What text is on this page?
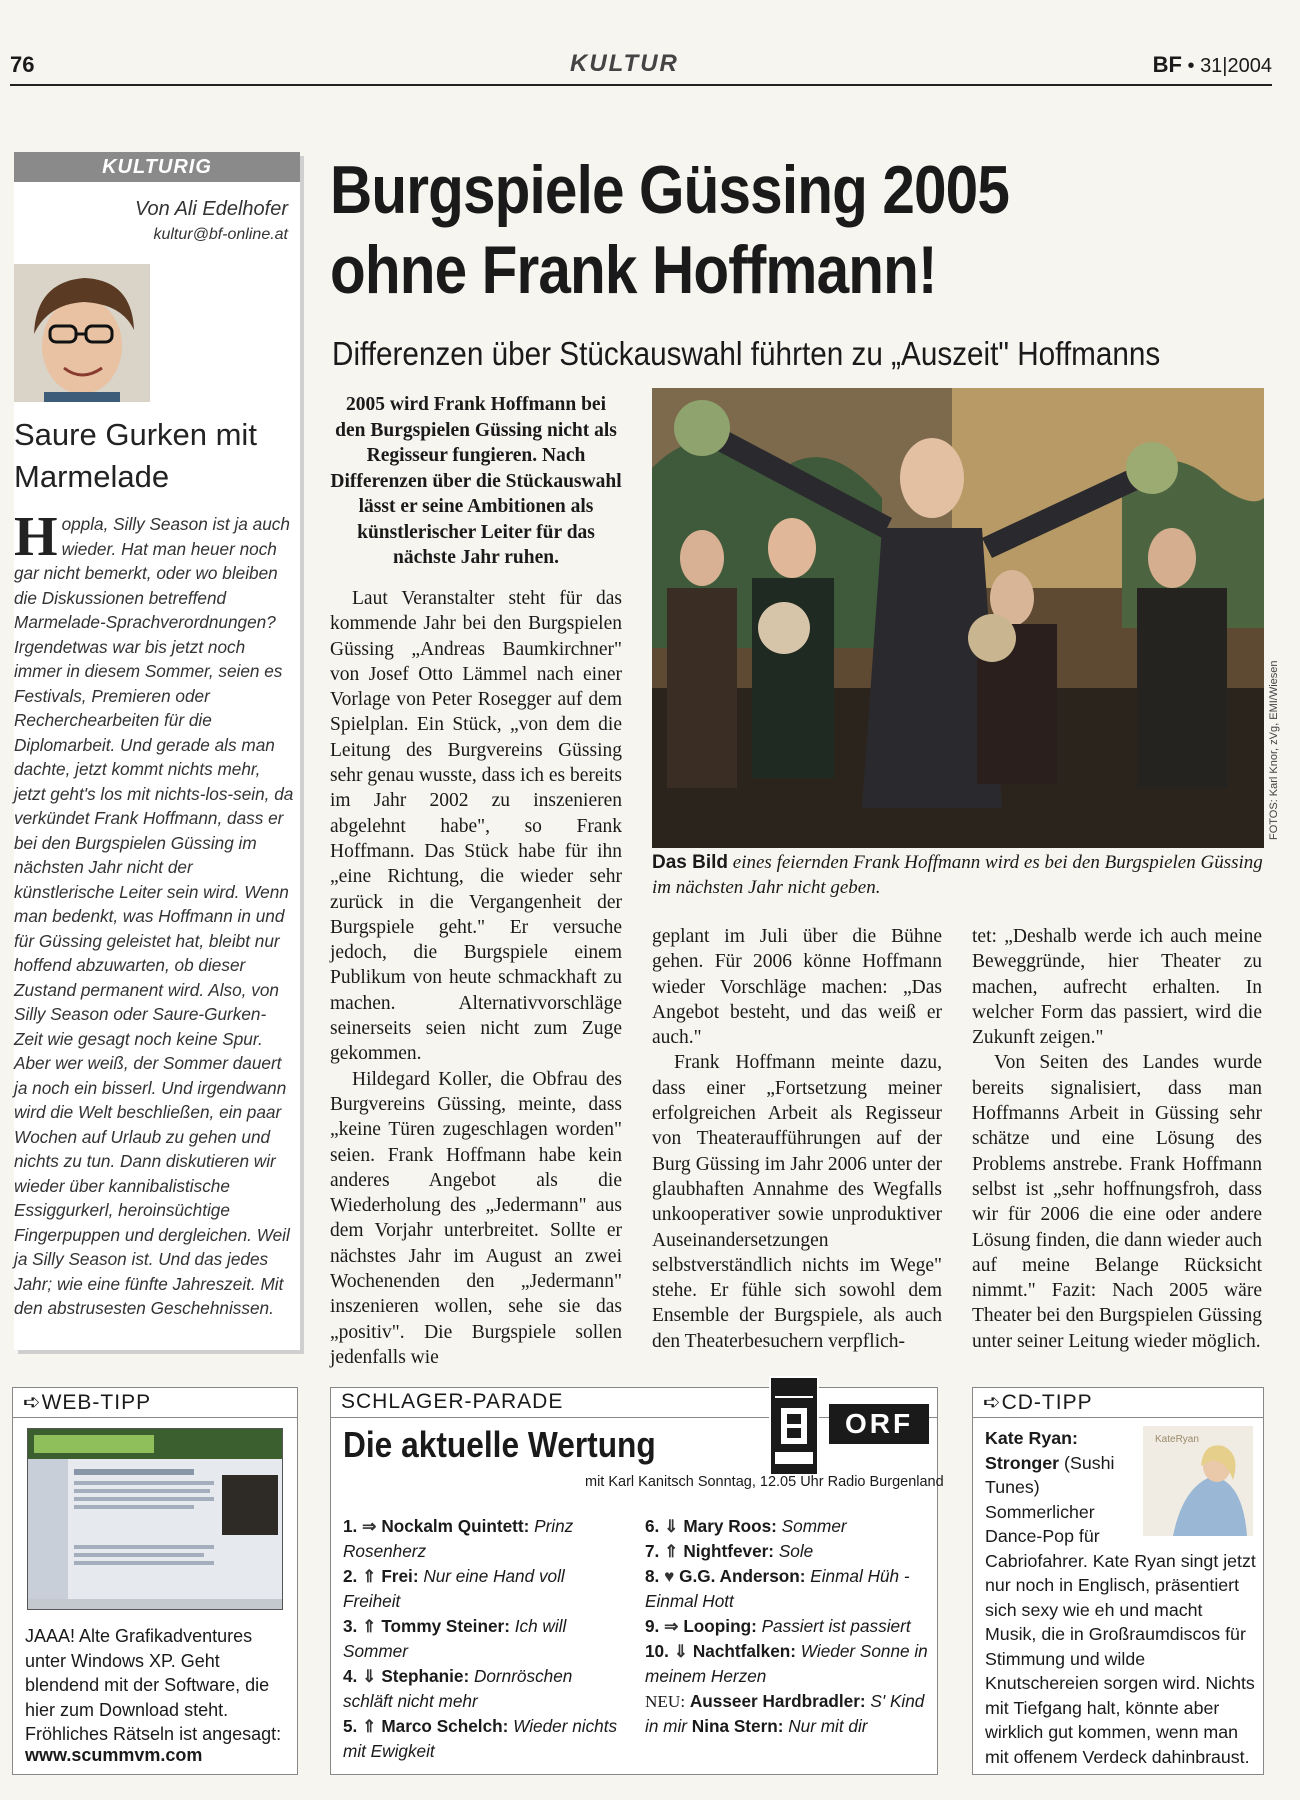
76	KULTUR	BF • 31|2004
KULTURIG
Von Ali Edelhofer
kultur@bf-online.at
Saure Gurken mit Marmelade
Hoppla, Silly Season ist ja auch wieder. Hat man heuer noch gar nicht bemerkt, oder wo bleiben die Diskussionen betreffend Marmelade-Sprachverordnungen? Irgendetwas war bis jetzt noch immer in diesem Sommer, seien es Festivals, Premieren oder Recherchearbeiten für die Diplomarbeit. Und gerade als man dachte, jetzt kommt nichts mehr, jetzt geht's los mit nichts-los-sein, da verkündet Frank Hoffmann, dass er bei den Burgspielen Güssing im nächsten Jahr nicht der künstlerische Leiter sein wird. Wenn man bedenkt, was Hoffmann in und für Güssing geleistet hat, bleibt nur hoffend abzuwarten, ob dieser Zustand permanent wird. Also, von Silly Season oder Saure-Gurken-Zeit wie gesagt noch keine Spur. Aber wer weiß, der Sommer dauert ja noch ein bisserl. Und irgendwann wird die Welt beschließen, ein paar Wochen auf Urlaub zu gehen und nichts zu tun. Dann diskutieren wir wieder über kannibalistische Essiggurkerl, heroinsüchtige Fingerpuppen und dergleichen. Weil ja Silly Season ist. Und das jedes Jahr; wie eine fünfte Jahreszeit. Mit den abstrusesten Geschehnissen.
Burgspiele Güssing 2005
ohne Frank Hoffmann!
Differenzen über Stückauswahl führten zu „Auszeit" Hoffmanns
2005 wird Frank Hoffmann bei den Burgspielen Güssing nicht als Regisseur fungieren. Nach Differenzen über die Stückauswahl lässt er seine Ambitionen als künstlerischer Leiter für das nächste Jahr ruhen.

Laut Veranstalter steht für das kommende Jahr bei den Burgspielen Güssing „Andreas Baumkirchner" von Josef Otto Lämmel nach einer Vorlage von Peter Rosegger auf dem Spielplan. Ein Stück, „von dem die Leitung des Burgvereins Güssing sehr genau wusste, dass ich es bereits im Jahr 2002 zu inszenieren abgelehnt habe", so Frank Hoffmann. Das Stück habe für ihn „eine Richtung, die wieder sehr zurück in die Vergangenheit der Burgspiele geht." Er versuche jedoch, die Burgspiele einem Publikum von heute schmackhaft zu machen. Alternativvorschläge seinerseits seien nicht zum Zuge gekommen.

Hildegard Koller, die Obfrau des Burgvereins Güssing, meinte, dass „keine Türen zugeschlagen worden" seien. Frank Hoffmann habe kein anderes Angebot als die Wiederholung des „Jedermann" aus dem Vorjahr unterbreitet. Sollte er nächstes Jahr im August an zwei Wochenenden den „Jedermann" inszenieren wollen, sehe sie das „positiv". Die Burgspiele sollen jedenfalls wie

FOTOS: Karl Knor, zVg, EMI/Wiesen
Das Bild eines feiernden Frank Hoffmann wird es bei den Burgspielen Güssing im nächsten Jahr nicht geben.

geplant im Juli über die Bühne gehen. Für 2006 könne Hoffmann wieder Vorschläge machen: „Das Angebot besteht, und das weiß er auch."

Frank Hoffmann meinte dazu, dass einer „Fortsetzung meiner erfolgreichen Arbeit als Regisseur von Theateraufführungen auf der Burg Güssing im Jahr 2006 unter der glaubhaften Annahme des Wegfalls unkooperativer sowie unproduktiver Auseinandersetzungen selbstverständlich nichts im Wege" stehe. Er fühle sich sowohl dem Ensemble der Burgspiele, als auch den Theaterbesuchern verpflich-

tet: „Deshalb werde ich auch meine Beweggründe, hier Theater zu machen, aufrecht erhalten. In welcher Form das passiert, wird die Zukunft zeigen."

Von Seiten des Landes wurde bereits signalisiert, dass man Hoffmanns Arbeit in Güssing sehr schätze und eine Lösung des Problems anstrebe. Frank Hoffmann selbst ist „sehr hoffnungsfroh, dass wir für 2006 die eine oder andere Lösung finden, die dann wieder auch auf meine Belange Rücksicht nimmt." Fazit: Nach 2005 wäre Theater bei den Burgspielen Güssing unter seiner Leitung wieder möglich.

➪WEB-TIPP
JAAA! Alte Grafikadventures unter Windows XP. Geht blendend mit der Software, die hier zum Download steht. Fröhliches Rätseln ist angesagt:
www.scummvm.com
SCHLAGER-PARADE
ORF
Die aktuelle Wertung
mit Karl Kanitsch Sonntag, 12.05 Uhr Radio Burgenland
1. ⇒ Nockalm Quintett: Prinz Rosenherz
2. ⇑ Frei: Nur eine Hand voll Freiheit
3. ⇑ Tommy Steiner: Ich will Sommer
4. ⇓ Stephanie: Dornröschen schläft nicht mehr
5. ⇑ Marco Schelch: Wieder nichts mit Ewigkeit
6. ⇓ Mary Roos: Sommer
7. ⇑ Nightfever: Sole
8. ♥ G.G. Anderson: Einmal Hüh - Einmal Hott
9. ⇒ Looping: Passiert ist passiert
10. ⇓ Nachtfalken: Wieder Sonne in meinem Herzen
NEU: Ausseer Hardbradler: S' Kind in mir Nina Stern: Nur mit dir
➪CD-TIPP
KateRyan
Kate Ryan: Stronger (Sushi Tunes) Sommerlicher Dance-Pop für Cabriofahrer. Kate Ryan singt jetzt nur noch in Englisch, präsentiert sich sexy wie eh und macht Musik, die in Großraumdiscos für Stimmung und wilde Knutschereien sorgen wird. Nichts mit Tiefgang halt, könnte aber wirklich gut kommen, wenn man mit offenem Verdeck dahinbraust.
